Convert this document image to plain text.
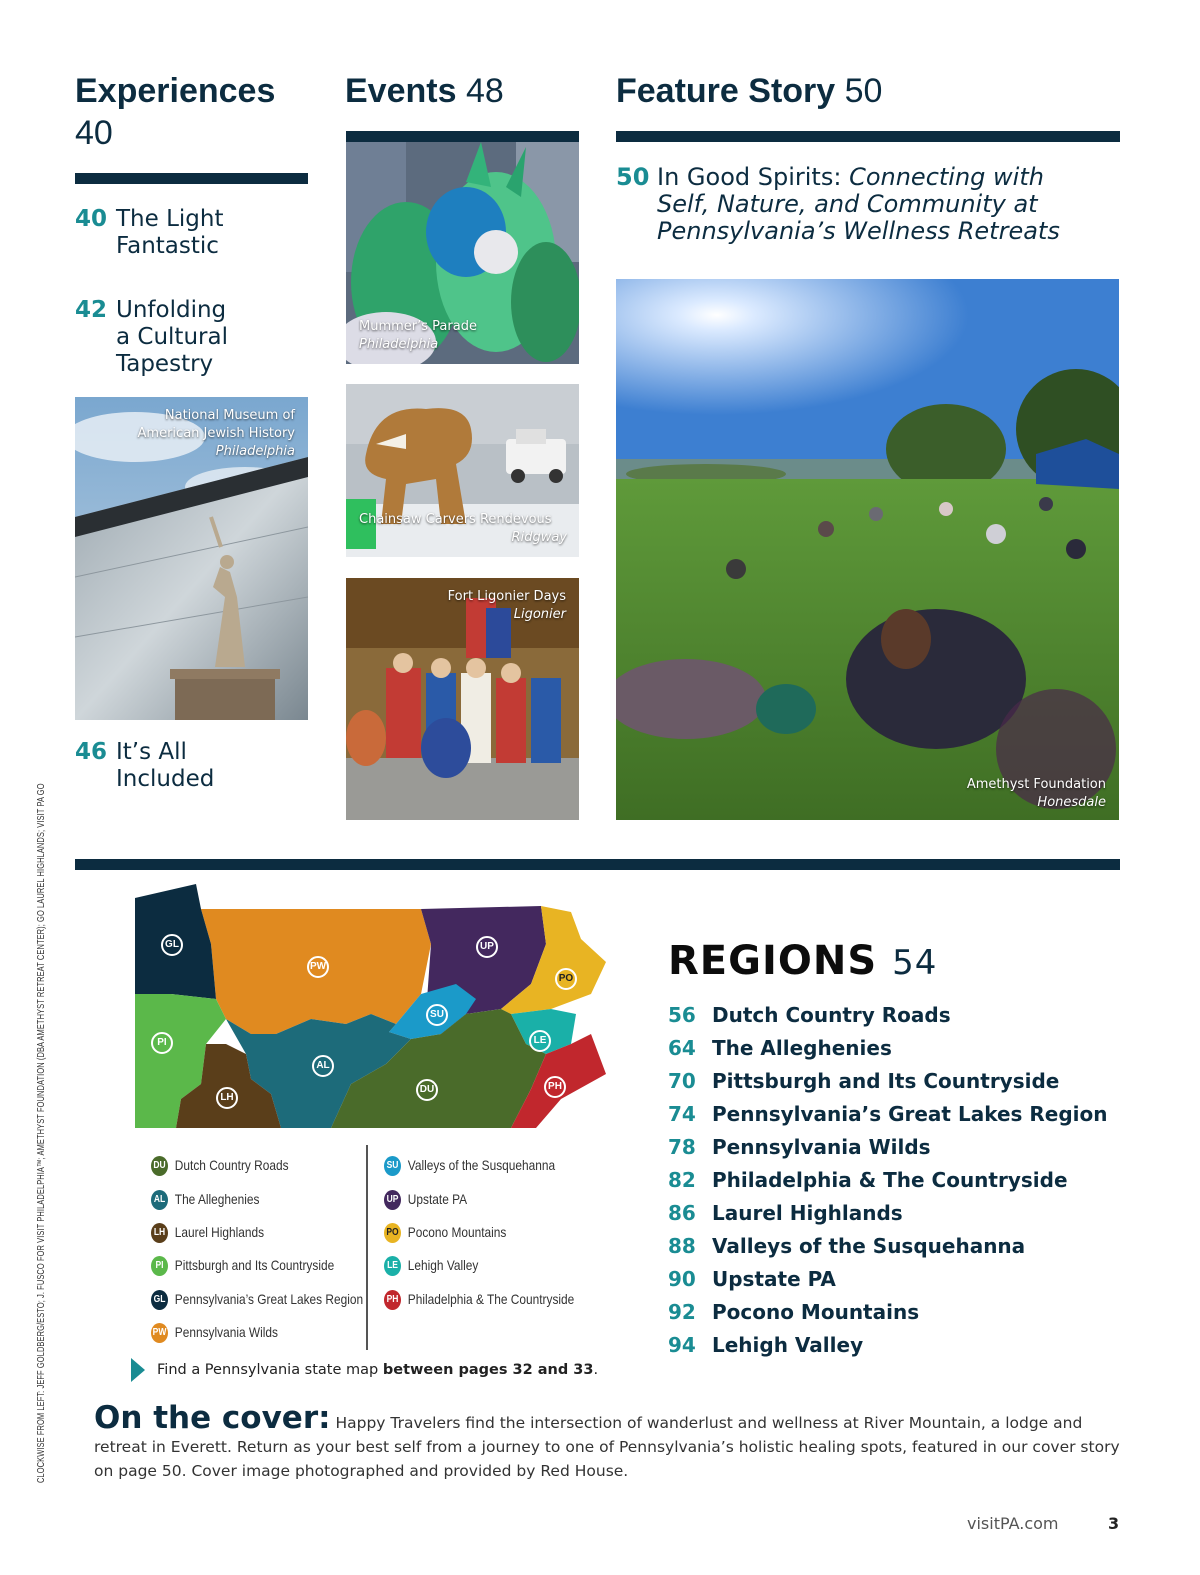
Experiences
40
Events 48	Feature Story 50
40 The Light
Fantastic
42 Unfolding
a Cultural
Tapestry
National Museum of
American Jewish History
Philadelphia
46 It’s All
Included
Mummer’s Parade
Philadelphia
Chainsaw Carvers Rendevous
Ridgway
Fort Ligonier Days
Ligonier
50 In Good Spirits: Connecting with
Self, Nature, and Community at
Pennsylvania’s Wellness Retreats
Amethyst Foundation
Honesdale
GL
PW
UP
PO
SU
PI	LE
AL
PH
DU
LH
DU Dutch Country Roads
AL The Alleghenies
LH Laurel Highlands
PI Pittsburgh and Its Countryside
GL Pennsylvania’s Great Lakes Region
PW Pennsylvania Wilds
SU Valleys of the Susquehanna
UP Upstate PA
PO Pocono Mountains
LE Lehigh Valley
PH Philadelphia & The Countryside
Find a Pennsylvania state map between pages 32 and 33.
REGIONS 54
56 Dutch Country Roads
64 The Alleghenies
70 Pittsburgh and Its Countryside
74 Pennsylvania’s Great Lakes Region
78 Pennsylvania Wilds
82 Philadelphia & The Countryside
86 Laurel Highlands
88 Valleys of the Susquehanna
90 Upstate PA
92 Pocono Mountains
94 Lehigh Valley
On the cover: Happy Travelers find the intersection of wanderlust and wellness at River Mountain, a lodge and retreat in Everett. Return as your best self from a journey to one of Pennsylvania’s holistic healing spots, featured in our cover story on page 50. Cover image photographed and provided by Red House.
CLOCKWISE FROM LEFT: JEFF GOLDBERG/ESTO; J. FUSCO FOR VISIT PHILADELPHIA™; AMETHYST FOUNDATION (DBA AMETHYST RETREAT CENTER); GO LAUREL HIGHLANDS; VISIT PA GO
visitPA.com	3
